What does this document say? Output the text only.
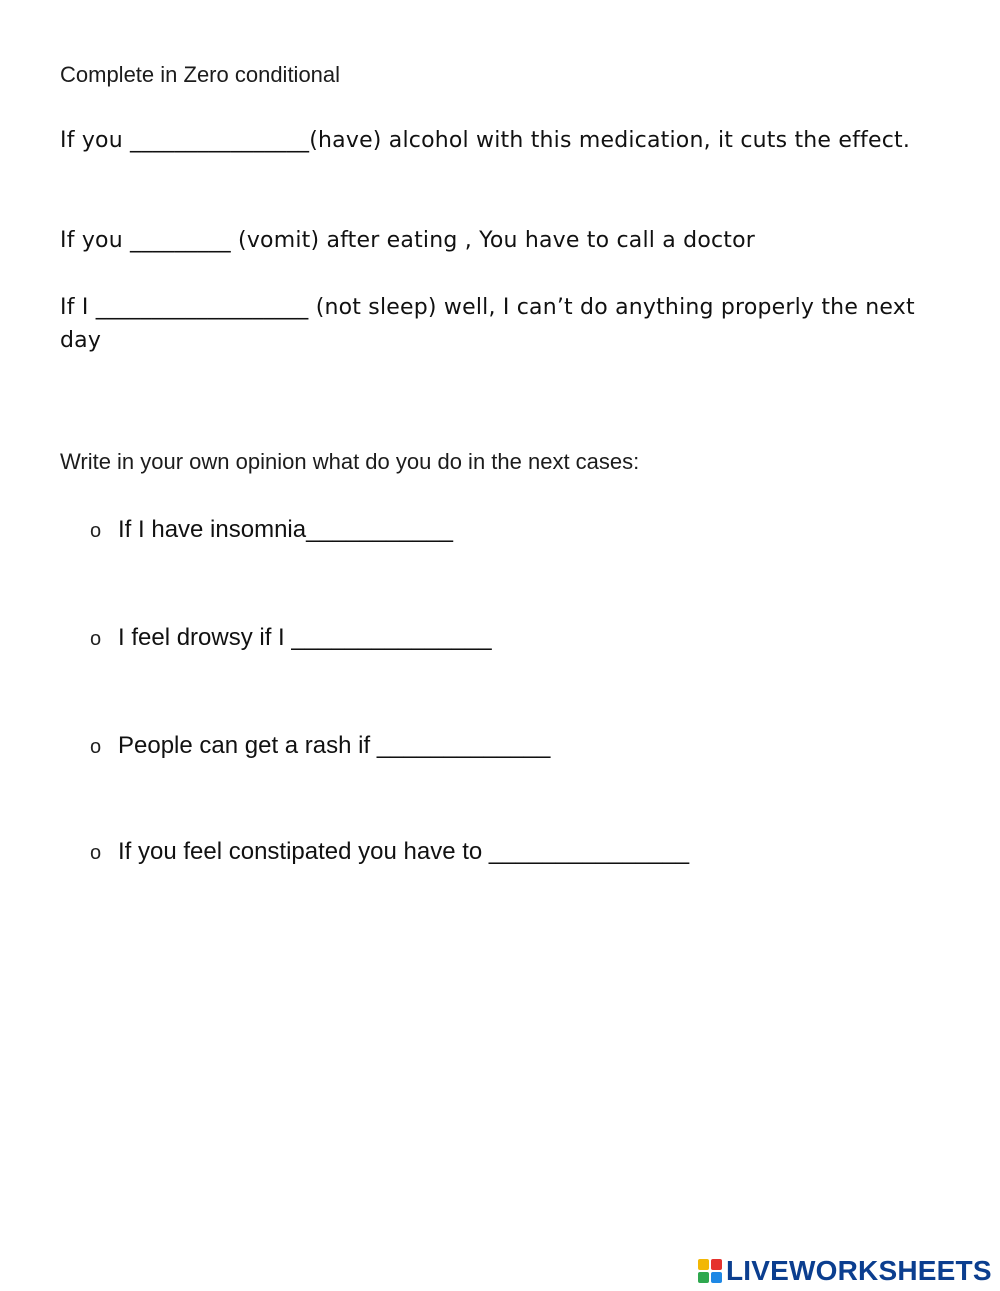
Complete in Zero conditional
If you ________________(have) alcohol with this medication, it cuts the effect.
If you _________ (vomit) after eating , You have to call a doctor
If I ___________________ (not sleep) well, I can’t do anything properly the next day
Write in your own opinion what do you do in the next cases:
o If I have insomnia___________
o I feel drowsy if I _______________
o People can get a rash if _____________
o If you feel constipated you have to _______________
LIVEWORKSHEETS
